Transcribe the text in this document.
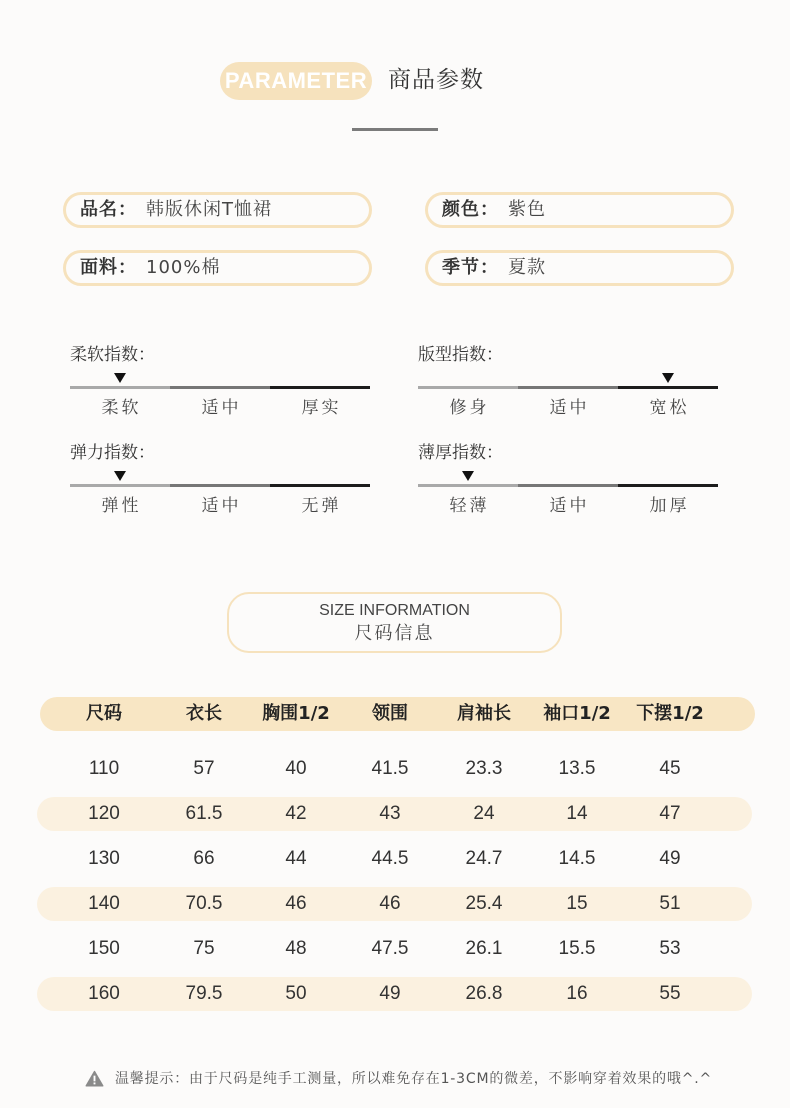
PARAMETER 商品参数
品名： 韩版休闲T恤裙	颜色： 紫色
面料： 100%棉	季节： 夏款
柔软指数：
柔软	适中	厚实
版型指数：
修身	适中	宽松
弹力指数：
弹性	适中	无弹
薄厚指数：
轻薄	适中	加厚
SIZE INFORMATION
尺码信息
尺码	衣长	胸围1/2	领围	肩袖长	袖口1/2	下摆1/2
110	57	40	41.5	23.3	13.5	45
120	61.5	42	43	24	14	47
130	66	44	44.5	24.7	14.5	49
140	70.5	46	46	25.4	15	51
150	75	48	47.5	26.1	15.5	53
160	79.5	50	49	26.8	16	55
温馨提示：由于尺码是纯手工测量，所以难免存在1-3CM的微差，不影响穿着效果的哦^.^
